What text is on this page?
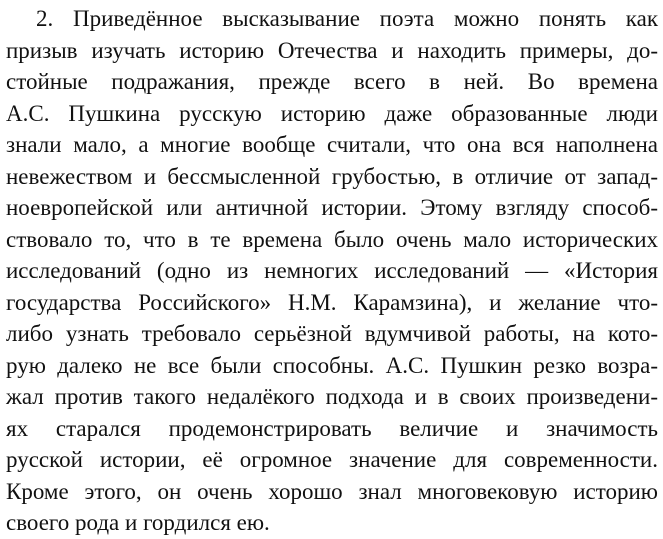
2. Приведённое высказывание поэта можно понять как
призыв изучать историю Отечества и находить примеры, до-
стойные подражания, прежде всего в ней. Во времена
А.С. Пушкина русскую историю даже образованные люди
знали мало, а многие вообще считали, что она вся наполнена
невежеством и бессмысленной грубостью, в отличие от запад-
ноевропейской или античной истории. Этому взгляду способ-
ствовало то, что в те времена было очень мало исторических
исследований (одно из немногих исследований — «История
государства Российского» Н.М. Карамзина), и желание что-
либо узнать требовало серьёзной вдумчивой работы, на кото-
рую далеко не все были способны. А.С. Пушкин резко возра-
жал против такого недалёкого подхода и в своих произведени-
ях старался продемонстрировать величие и значимость
русской истории, её огромное значение для современности.
Кроме этого, он очень хорошо знал многовековую историю
своего рода и гордился ею.
